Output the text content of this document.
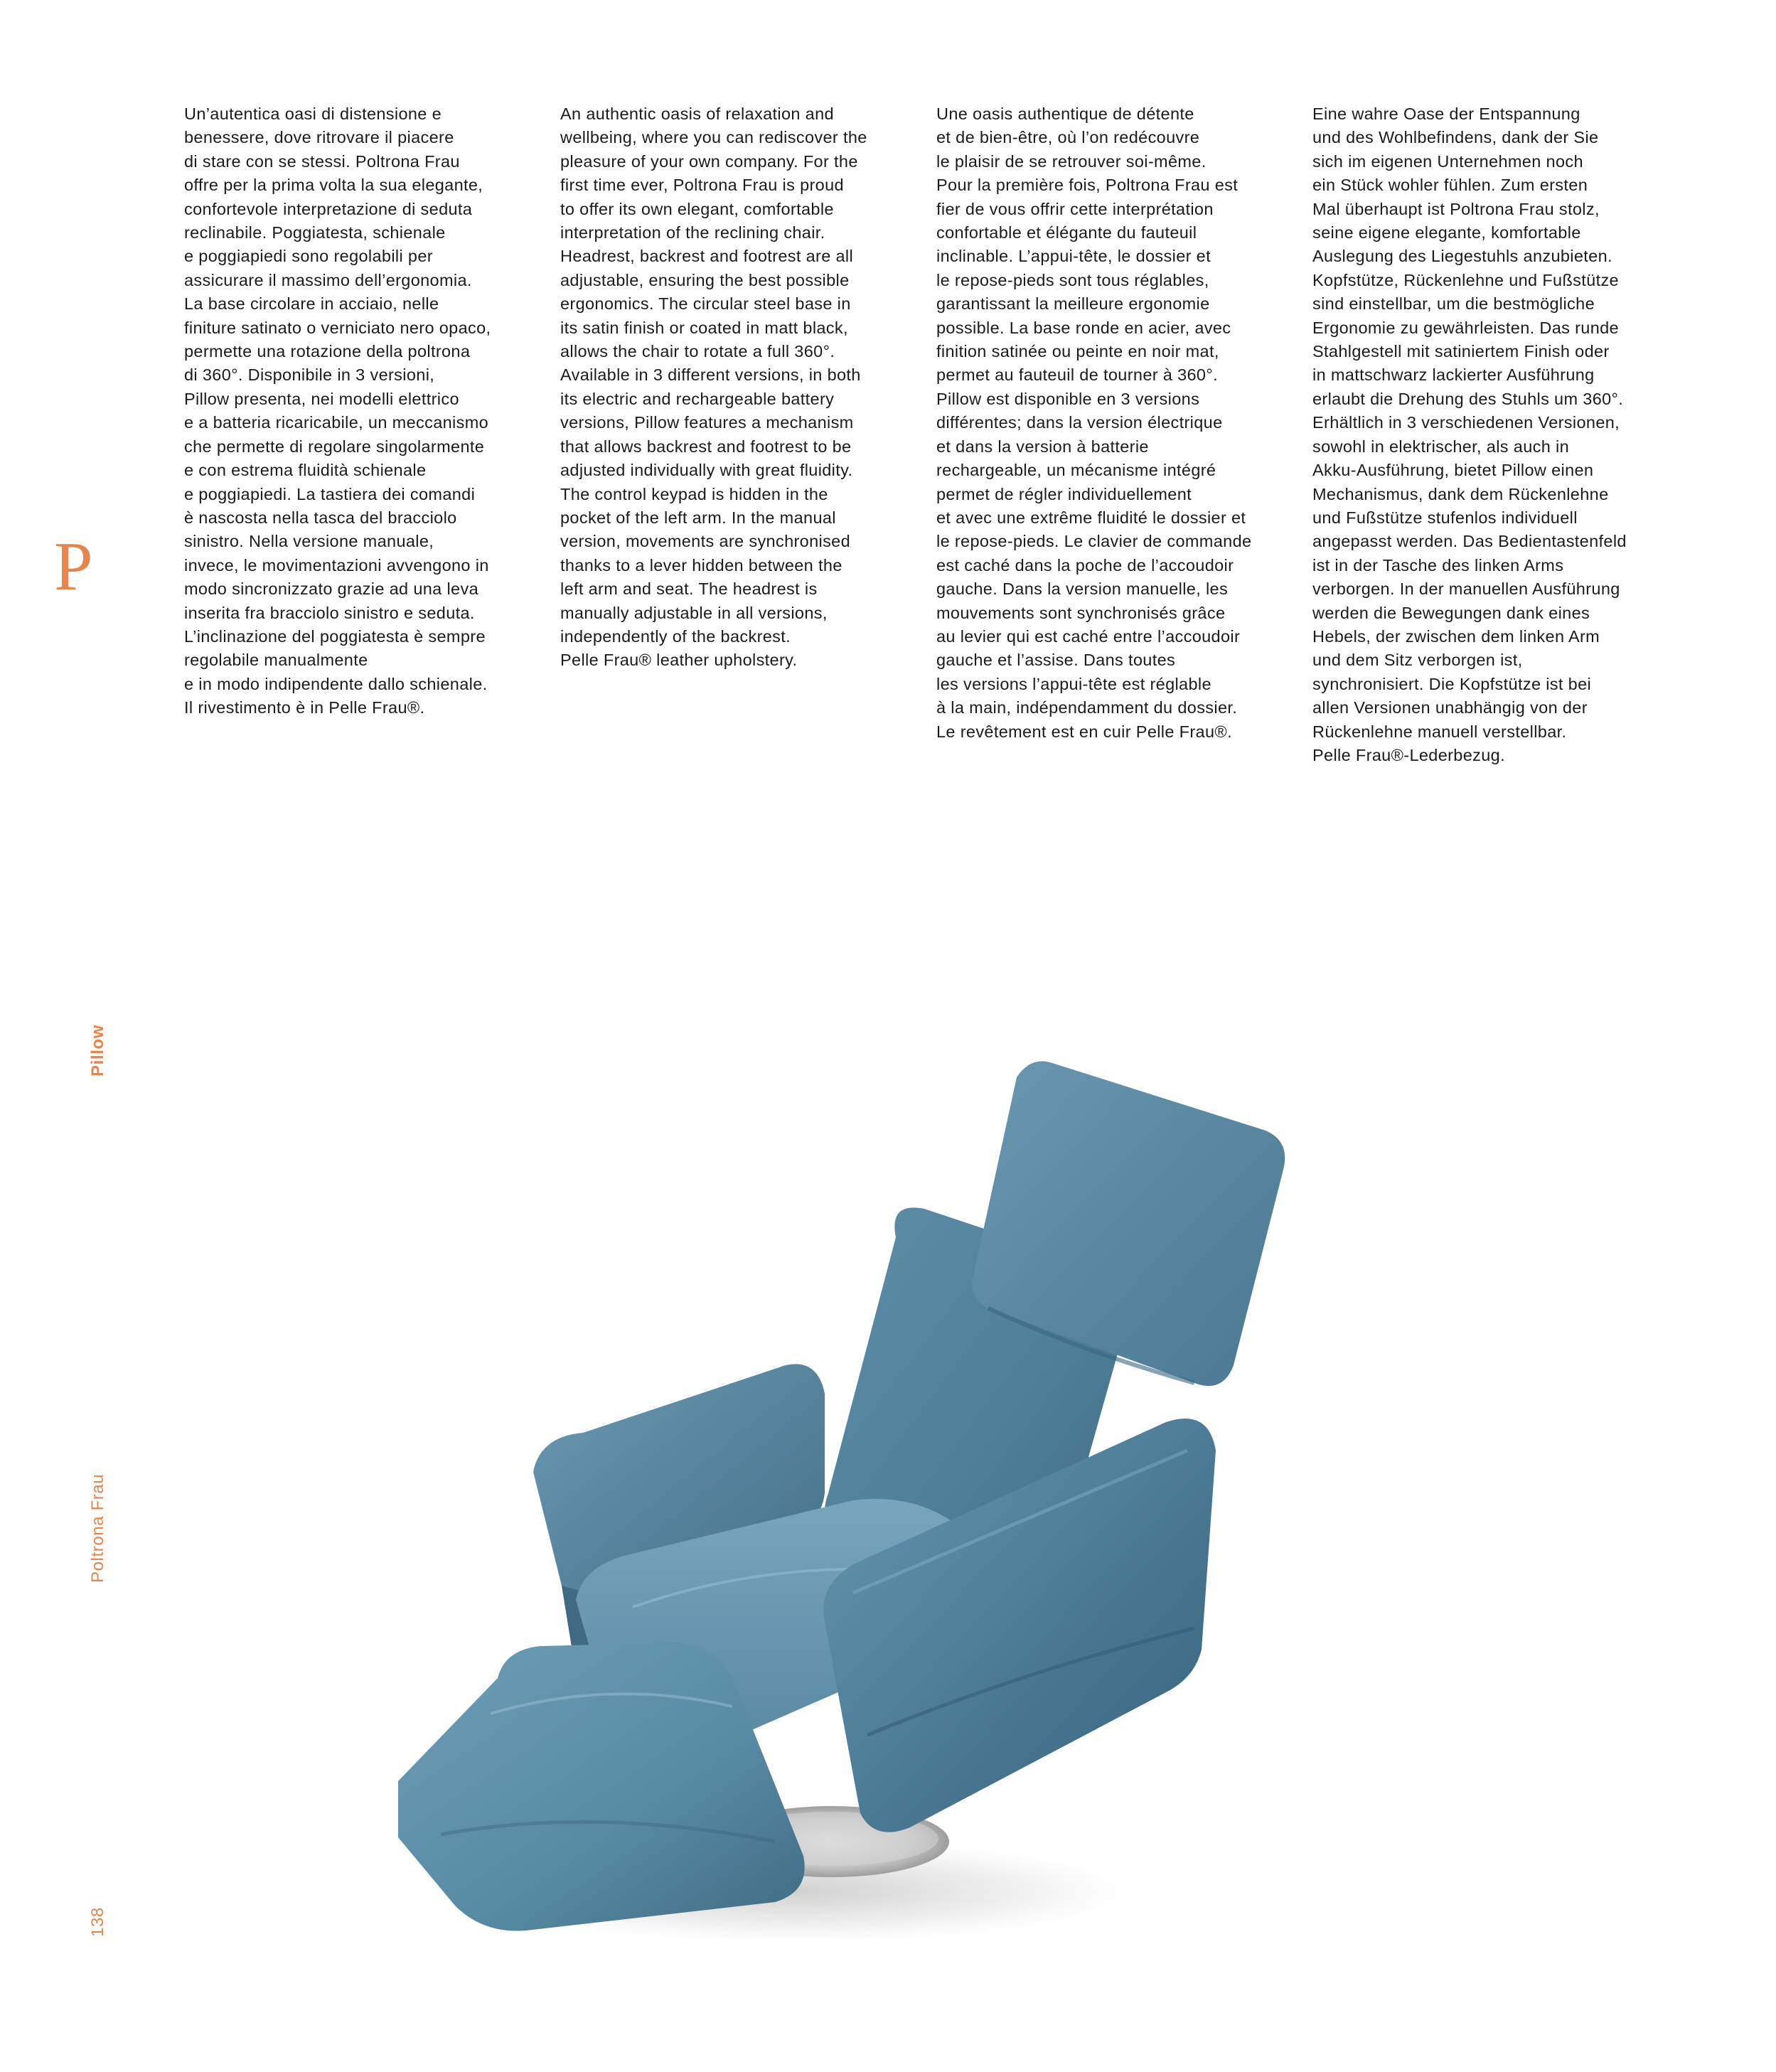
Un’autentica oasi di distensione e
benessere, dove ritrovare il piacere
di stare con se stessi. Poltrona Frau
offre per la prima volta la sua elegante,
confortevole interpretazione di seduta
reclinabile. Poggiatesta, schienale
e poggiapiedi sono regolabili per
assicurare il massimo dell’ergonomia.
La base circolare in acciaio, nelle
finiture satinato o verniciato nero opaco,
permette una rotazione della poltrona
di 360°. Disponibile in 3 versioni,
Pillow presenta, nei modelli elettrico
e a batteria ricaricabile, un meccanismo
che permette di regolare singolarmente
e con estrema fluidità schienale
e poggiapiedi. La tastiera dei comandi
è nascosta nella tasca del bracciolo
sinistro. Nella versione manuale,
invece, le movimentazioni avvengono in
modo sincronizzato grazie ad una leva
inserita fra bracciolo sinistro e seduta.
L’inclinazione del poggiatesta è sempre
regolabile manualmente
e in modo indipendente dallo schienale.
Il rivestimento è in Pelle Frau®.
An authentic oasis of relaxation and
wellbeing, where you can rediscover the
pleasure of your own company. For the
first time ever, Poltrona Frau is proud
to offer its own elegant, comfortable
interpretation of the reclining chair.
Headrest, backrest and footrest are all
adjustable, ensuring the best possible
ergonomics. The circular steel base in
its satin finish or coated in matt black,
allows the chair to rotate a full 360°.
Available in 3 different versions, in both
its electric and rechargeable battery
versions, Pillow features a mechanism
that allows backrest and footrest to be
adjusted individually with great fluidity.
The control keypad is hidden in the
pocket of the left arm. In the manual
version, movements are synchronised
thanks to a lever hidden between the
left arm and seat. The headrest is
manually adjustable in all versions,
independently of the backrest.
Pelle Frau® leather upholstery.
Une oasis authentique de détente
et de bien-être, où l’on redécouvre
le plaisir de se retrouver soi-même.
Pour la première fois, Poltrona Frau est
fier de vous offrir cette interprétation
confortable et élégante du fauteuil
inclinable. L’appui-tête, le dossier et
le repose-pieds sont tous réglables,
garantissant la meilleure ergonomie
possible. La base ronde en acier, avec
finition satinée ou peinte en noir mat,
permet au fauteuil de tourner à 360°.
Pillow est disponible en 3 versions
différentes; dans la version électrique
et dans la version à batterie
rechargeable, un mécanisme intégré
permet de régler individuellement
et avec une extrême fluidité le dossier et
le repose-pieds. Le clavier de commande
est caché dans la poche de l’accoudoir
gauche. Dans la version manuelle, les
mouvements sont synchronisés grâce
au levier qui est caché entre l’accoudoir
gauche et l’assise. Dans toutes
les versions l’appui-tête est réglable
à la main, indépendamment du dossier.
Le revêtement est en cuir Pelle Frau®.
Eine wahre Oase der Entspannung
und des Wohlbefindens, dank der Sie
sich im eigenen Unternehmen noch
ein Stück wohler fühlen. Zum ersten
Mal überhaupt ist Poltrona Frau stolz,
seine eigene elegante, komfortable
Auslegung des Liegestuhls anzubieten.
Kopfstütze, Rückenlehne und Fußstütze
sind einstellbar, um die bestmögliche
Ergonomie zu gewährleisten. Das runde
Stahlgestell mit satiniertem Finish oder
in mattschwarz lackierter Ausführung
erlaubt die Drehung des Stuhls um 360°.
Erhältlich in 3 verschiedenen Versionen,
sowohl in elektrischer, als auch in
Akku-Ausführung, bietet Pillow einen
Mechanismus, dank dem Rückenlehne
und Fußstütze stufenlos individuell
angepasst werden. Das Bedientastenfeld
ist in der Tasche des linken Arms
verborgen. In der manuellen Ausführung
werden die Bewegungen dank eines
Hebels, der zwischen dem linken Arm
und dem Sitz verborgen ist,
synchronisiert. Die Kopfstütze ist bei
allen Versionen unabhängig von der
Rückenlehne manuell verstellbar.
Pelle Frau®-Lederbezug.
P
Pillow
Poltrona Frau
138
